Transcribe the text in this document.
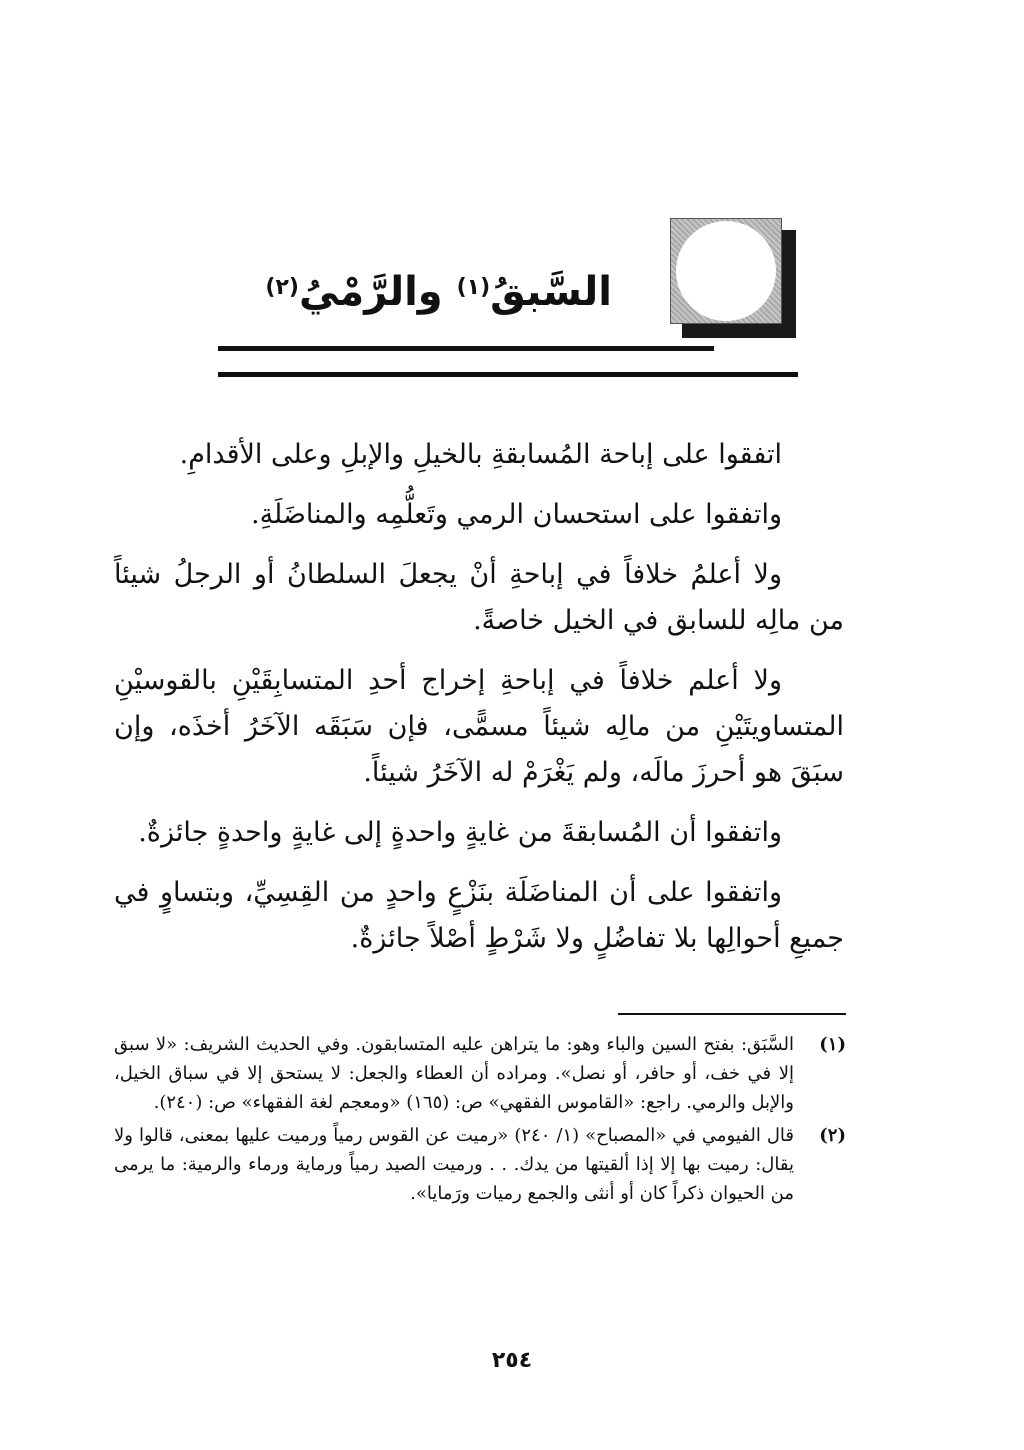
السَّبقُ$^{(١)}$ والرَّمْيُ$^{(٢)}$

اتفقوا على إباحة المُسابقةِ بالخيلِ والإبلِ وعلى الأقدامِ.

واتفقوا على استحسان الرمي وتَعلُّمِه والمناضَلَةِ.

ولا أعلمُ خلافاً في إباحةِ أنْ يجعلَ السلطانُ أو الرجلُ شيئاً من مالِه للسابق في الخيل خاصةً.

ولا أعلم خلافاً في إباحةِ إخراج أحدِ المتسابِقَيْنِ بالقوسيْنِ المتساويتَيْنِ من مالِه شيئاً مسمًّى، فإن سَبَقَه الآخَرُ أخذَه، وإن سبَقَ هو أحرزَ مالَه، ولم يَغْرَمْ له الآخَرُ شيئاً.

واتفقوا أن المُسابقةَ من غايةٍ واحدةٍ إلى غايةٍ واحدةٍ جائزةٌ.

واتفقوا على أن المناضَلَة بنَزْعٍ واحدٍ من القِسِيِّ، وبتساوٍ في جميعِ أحوالِها بلا تفاضُلٍ ولا شَرْطٍ أصْلاً جائزةٌ.

(١)
السَّبَق: بفتح السين والباء وهو: ما يتراهن عليه المتسابقون. وفي الحديث الشريف: «لا سبق إلا في خف، أو حافر، أو نصل». ومراده أن العطاء والجعل: لا يستحق إلا في سباق الخيل، والإبل والرمي. راجع: «القاموس الفقهي» ص: (١٦٥) «ومعجم لغة الفقهاء» ص: (٢٤٠).
(٢)
قال الفيومي في «المصباح» (١/ ٢٤٠) «رميت عن القوس رمياً ورميت عليها بمعنى، قالوا ولا يقال: رميت بها إلا إذا ألقيتها من يدك. . . ورميت الصيد رمياً ورماية ورماء والرمية: ما يرمى من الحيوان ذكراً كان أو أنثى والجمع رميات ورَمايا».
٢٥٤
